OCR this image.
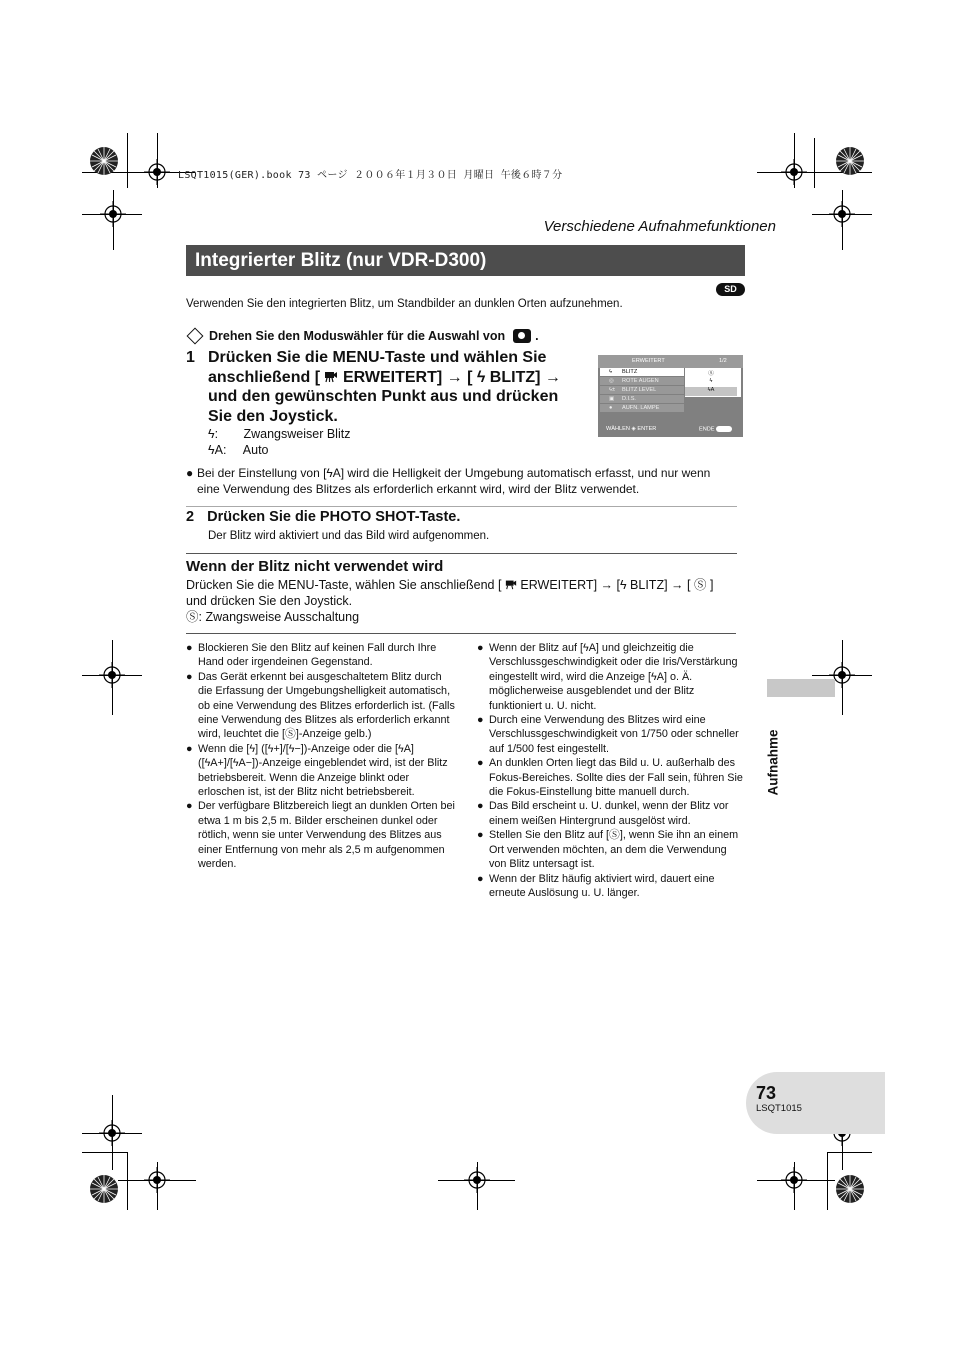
LSQT1015(GER).book 73 ページ ２００６年１月３０日 月曜日 午後６時７分
Verschiedene Aufnahmefunktionen
Integrierter Blitz (nur VDR-D300)
SD
Verwenden Sie den integrierten Blitz, um Standbilder an dunklen Orten aufzunehmen.
Drehen Sie den Moduswähler für die Auswahl von .
1 Drücken Sie die MENU-Taste und wählen Sie
anschließend [ ERWEITERT] → [ ϟ BLITZ] →
und den gewünschten Punkt aus und drücken
Sie den Joystick.
ϟ: Zwangsweiser Blitz
ϟA: Auto
ERWEITERT	1/2
ϟ BLITZ
◎ ROTE AUGEN
ϟ± BLITZ LEVEL
▣ D.I.S.
● AUFN. LAMPE
Ⓢ
ϟ
ϟA
WÄHLEN ◈ ENTER	ENDE
● Bei der Einstellung von [ϟA] wird die Helligkeit der Umgebung automatisch erfasst, und nur wenn
eine Verwendung des Blitzes als erforderlich erkannt wird, wird der Blitz verwendet.
2 Drücken Sie die PHOTO SHOT-Taste.
Der Blitz wird aktiviert und das Bild wird aufgenommen.
Wenn der Blitz nicht verwendet wird
Drücken Sie die MENU-Taste, wählen Sie anschließend [ ERWEITERT] → [ϟ BLITZ] → [ Ⓢ ]
und drücken Sie den Joystick.
Ⓢ: Zwangsweise Ausschaltung
● Blockieren Sie den Blitz auf keinen Fall durch Ihre Hand oder irgendeinen Gegenstand.
● Das Gerät erkennt bei ausgeschaltetem Blitz durch die Erfassung der Umgebungshelligkeit automatisch, ob eine Verwendung des Blitzes erforderlich ist. (Falls eine Verwendung des Blitzes als erforderlich erkannt wird, leuchtet die [Ⓢ]-Anzeige gelb.)
● Wenn die [ϟ] ([ϟ+]/[ϟ−])-Anzeige oder die [ϟA] ([ϟA+]/[ϟA−])-Anzeige eingeblendet wird, ist der Blitz betriebsbereit. Wenn die Anzeige blinkt oder erloschen ist, ist der Blitz nicht betriebsbereit.
● Der verfügbare Blitzbereich liegt an dunklen Orten bei etwa 1 m bis 2,5 m. Bilder erscheinen dunkel oder rötlich, wenn sie unter Verwendung des Blitzes aus einer Entfernung von mehr als 2,5 m aufgenommen werden.
● Wenn der Blitz auf [ϟA] und gleichzeitig die Verschlussgeschwindigkeit oder die Iris/Verstärkung eingestellt wird, wird die Anzeige [ϟA] o. Ä. möglicherweise ausgeblendet und der Blitz funktioniert u. U. nicht.
● Durch eine Verwendung des Blitzes wird eine Verschlussgeschwindigkeit von 1/750 oder schneller auf 1/500 fest eingestellt.
● An dunklen Orten liegt das Bild u. U. außerhalb des Fokus-Bereiches. Sollte dies der Fall sein, führen Sie die Fokus-Einstellung bitte manuell durch.
● Das Bild erscheint u. U. dunkel, wenn der Blitz vor einem weißen Hintergrund ausgelöst wird.
● Stellen Sie den Blitz auf [Ⓢ], wenn Sie ihn an einem Ort verwenden möchten, an dem die Verwendung von Blitz untersagt ist.
● Wenn der Blitz häufig aktiviert wird, dauert eine erneute Auslösung u. U. länger.
Aufnahme
73
LSQT1015
